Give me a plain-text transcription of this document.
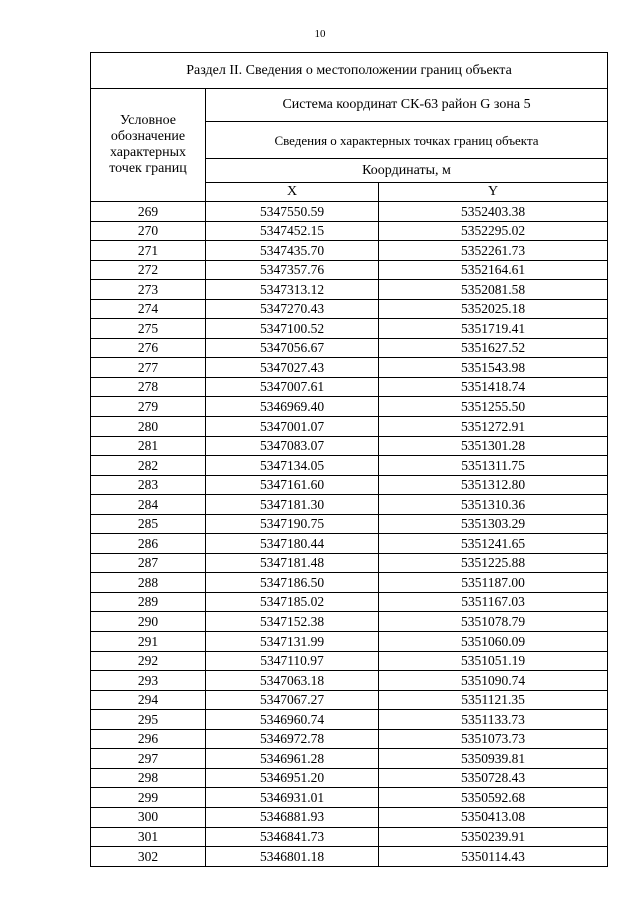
10
Раздел II. Сведения о местоположении границ объекта		
Условное обозначение характерных точек границ	Система координат СК-63 район G зона 5	
	Сведения о характерных точках границ объекта	
	Координаты, м	
	X	Y
269	5347550.59	5352403.38
270	5347452.15	5352295.02
271	5347435.70	5352261.73
272	5347357.76	5352164.61
273	5347313.12	5352081.58
274	5347270.43	5352025.18
275	5347100.52	5351719.41
276	5347056.67	5351627.52
277	5347027.43	5351543.98
278	5347007.61	5351418.74
279	5346969.40	5351255.50
280	5347001.07	5351272.91
281	5347083.07	5351301.28
282	5347134.05	5351311.75
283	5347161.60	5351312.80
284	5347181.30	5351310.36
285	5347190.75	5351303.29
286	5347180.44	5351241.65
287	5347181.48	5351225.88
288	5347186.50	5351187.00
289	5347185.02	5351167.03
290	5347152.38	5351078.79
291	5347131.99	5351060.09
292	5347110.97	5351051.19
293	5347063.18	5351090.74
294	5347067.27	5351121.35
295	5346960.74	5351133.73
296	5346972.78	5351073.73
297	5346961.28	5350939.81
298	5346951.20	5350728.43
299	5346931.01	5350592.68
300	5346881.93	5350413.08
301	5346841.73	5350239.91
302	5346801.18	5350114.43
